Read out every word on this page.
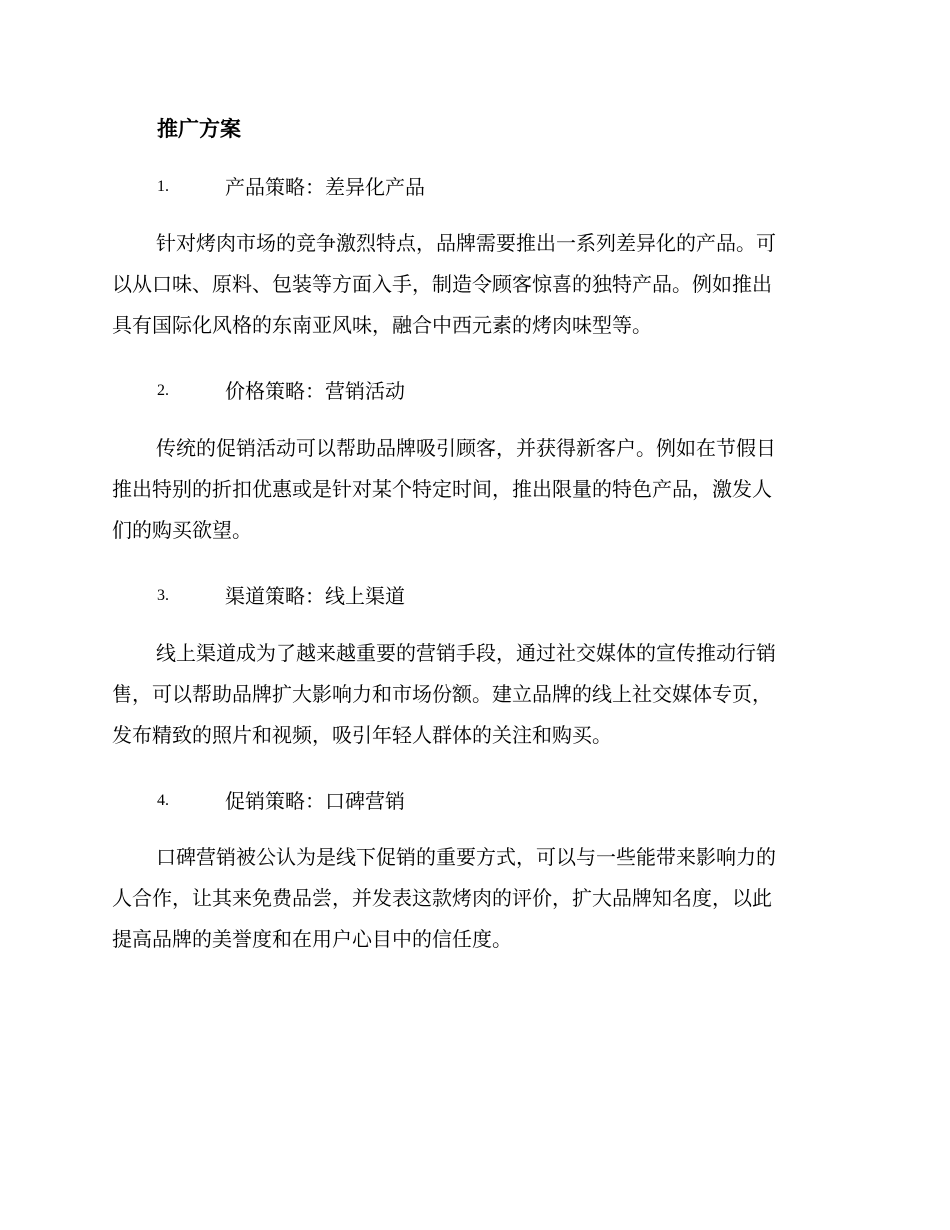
推广方案
1.	产品策略：差异化产品
针对烤肉市场的竞争激烈特点，品牌需要推出一系列差异化的产品。可
以从口味、原料、包装等方面入手，制造令顾客惊喜的独特产品。例如推出
具有国际化风格的东南亚风味，融合中西元素的烤肉味型等。
2.	价格策略：营销活动
传统的促销活动可以帮助品牌吸引顾客，并获得新客户。例如在节假日
推出特别的折扣优惠或是针对某个特定时间，推出限量的特色产品，激发人
们的购买欲望。
3.	渠道策略：线上渠道
线上渠道成为了越来越重要的营销手段，通过社交媒体的宣传推动行销
售，可以帮助品牌扩大影响力和市场份额。建立品牌的线上社交媒体专页，
发布精致的照片和视频，吸引年轻人群体的关注和购买。
4.	促销策略：口碑营销
口碑营销被公认为是线下促销的重要方式，可以与一些能带来影响力的
人合作，让其来免费品尝，并发表这款烤肉的评价，扩大品牌知名度，以此
提高品牌的美誉度和在用户心目中的信任度。
